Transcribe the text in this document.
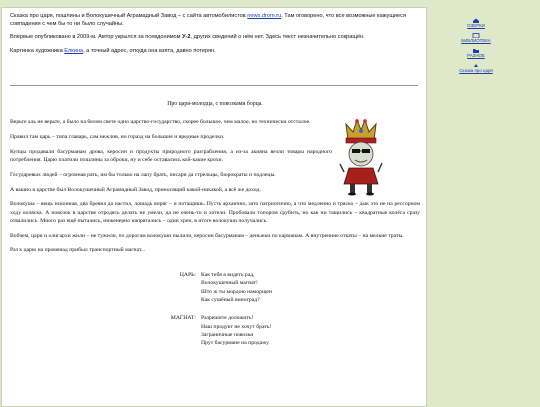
Сказка про царя, пошлины и Волокушечный Аграмадный Завод – с сайта автомобилистов news.drom.ru. Там оговорено, что все возможные кажущиеся совпадения с чем бы то ни было случайны.

Впервые опубликовано в 2009-м. Автор укрылся за псевдонимом У-2, других сведений о нём нет. Здесь текст незначительно сокращён.

Картинка художника Елкина, а точный адрес, откуда она взята, давно потерян.

Про царя-молодца, с повозками борца.

Верьте аль не верьте, а было на белом свете одно царство-государство, скорее большое, чем малое, но технически отсталое.

Правил там царь – типа главарь, сам нежлив, но горазд на большие и вредные проделки.

Купцы продавали басурманам дрова, керосин и продукты природного разграбления, а из-за акияна везли товары народного потребления. Царю платили пошлины за оброки, ну и себе оставались кой-какие крохи.

Государевых людей – огромная рать, им бы только на лапу брать, писари да стрельцы, бюрократы и подлецы.

А вашно в царстве был Волокушечный Аграмадный Завод, приносящий какой-никакой, а всё же доход.

Волокуша – вещь исконная, два бревна да настил, лошадь впряг – и потащишь. Пусть архаично, зато патриотично, а что медленно и тряско – дык это не на рессорном ходу коляска. А повозок в царстве отродясь делать не умели, да не очень-то и хотели. Пробовали топором срубить, но как ни тащились – квадратные колёса сразу отвалились. Много раз ещё пытались, инженерно напрягались – одни хрен, в итоге волокуши получались.

Вобчем, цари и олигархи жили – не тужили, по дорогам волокуши пылили, керосин басурманам – деньжки по карманам. А внутренние откаты – на мелкие траты.

Раз к царю на променад прибыл транспортный магнат...

ЦАРЬ: Как тебя я видеть рад,
Волокушечный магнат!
Што ж ты мордою наморщен
Как сушёный виноград?
МАГНАТ: Разрешите доложить!
Наш продукт не хочут брать!
Заграничные повозки
Прут басурмане на продажу
ОЗЕРКИ
БИБЛИОТЕКА
РАЗНОЕ
Сказка про царя
